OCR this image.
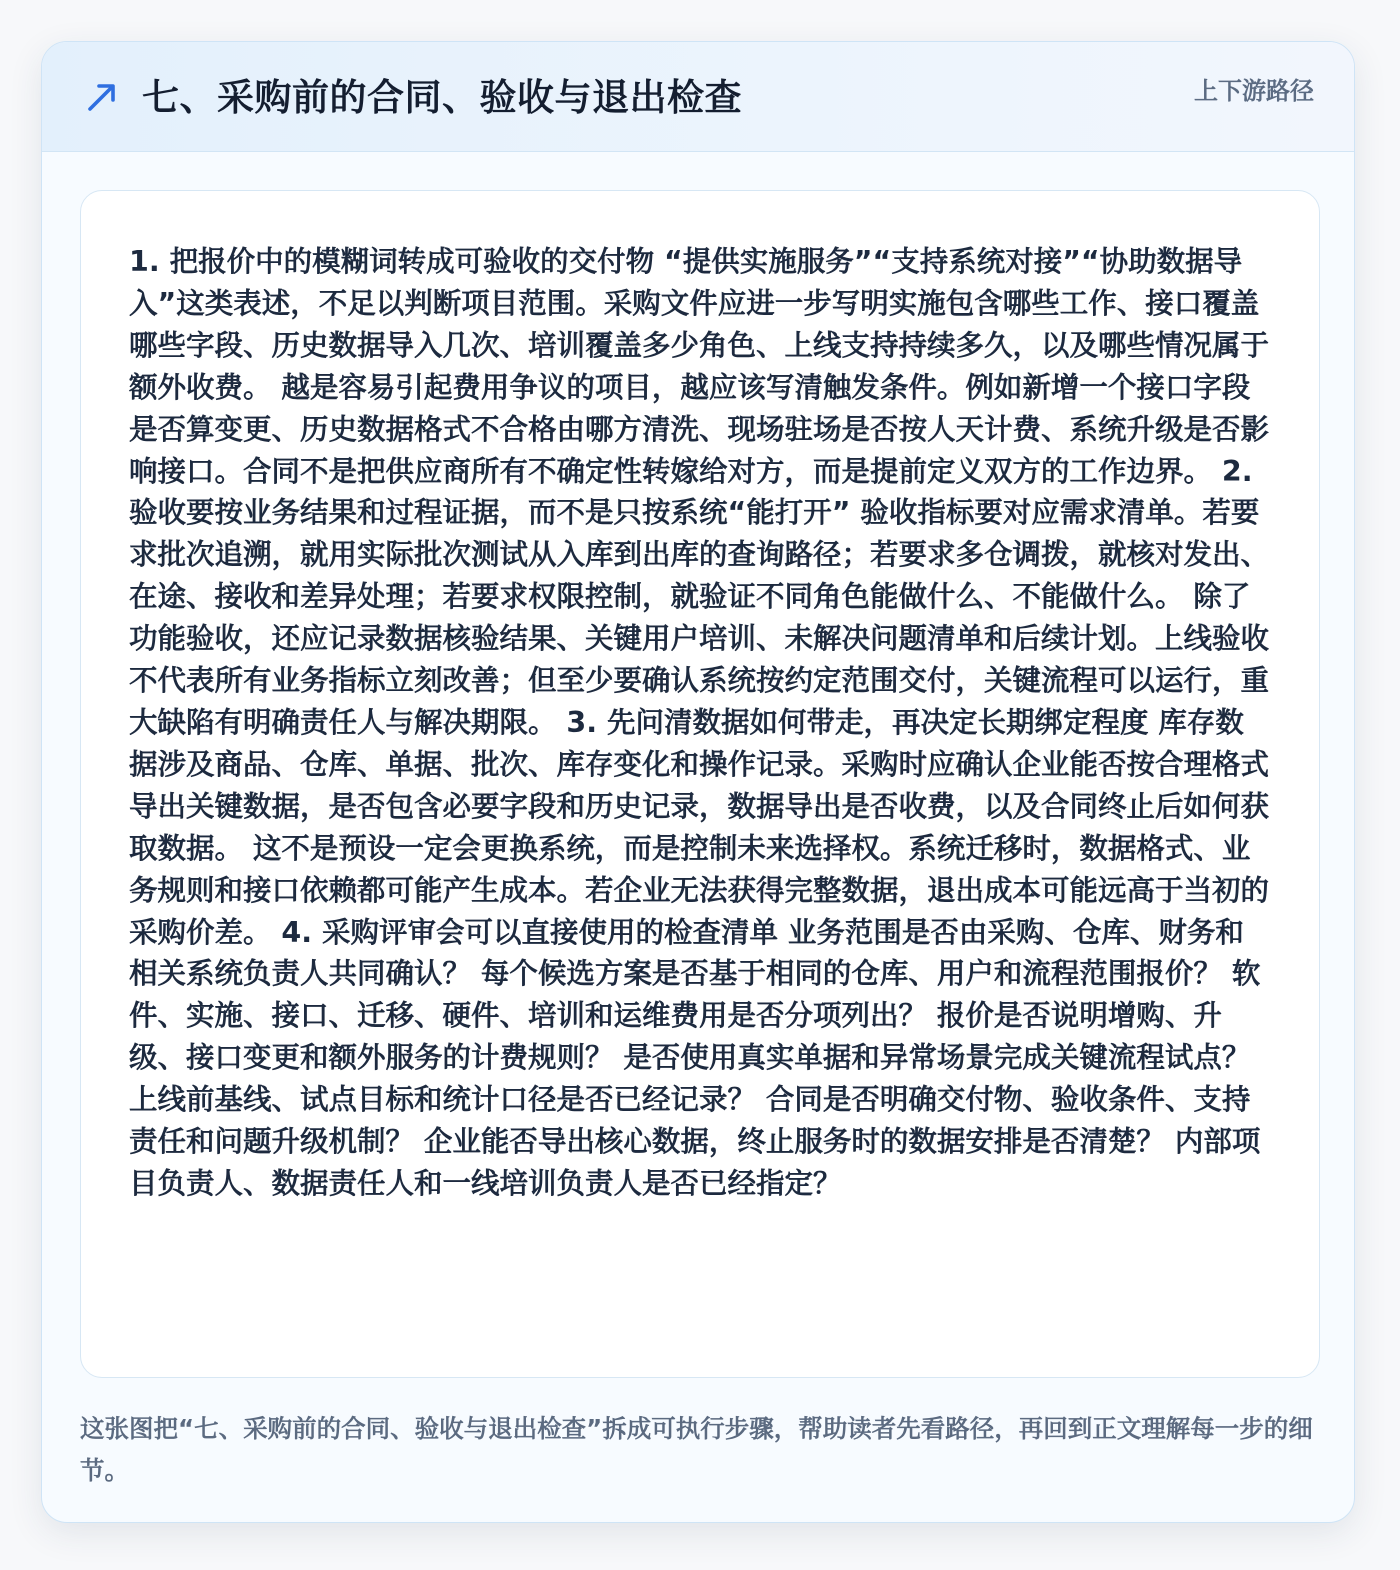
七、采购前的合同、验收与退出检查	上下游路径

1. 把报价中的模糊词转成可验收的交付物 “提供实施服务”“支持系统对接”“协助数据导入”这类表述，不足以判断项目范围。采购文件应进一步写明实施包含哪些工作、接口覆盖哪些字段、历史数据导入几次、培训覆盖多少角色、上线支持持续多久，以及哪些情况属于额外收费。 越是容易引起费用争议的项目，越应该写清触发条件。例如新增一个接口字段是否算变更、历史数据格式不合格由哪方清洗、现场驻场是否按人天计费、系统升级是否影响接口。合同不是把供应商所有不确定性转嫁给对方，而是提前定义双方的工作边界。 2. 验收要按业务结果和过程证据，而不是只按系统“能打开” 验收指标要对应需求清单。若要求批次追溯，就用实际批次测试从入库到出库的查询路径；若要求多仓调拨，就核对发出、在途、接收和差异处理；若要求权限控制，就验证不同角色能做什么、不能做什么。 除了功能验收，还应记录数据核验结果、关键用户培训、未解决问题清单和后续计划。上线验收不代表所有业务指标立刻改善；但至少要确认系统按约定范围交付，关键流程可以运行，重大缺陷有明确责任人与解决期限。 3. 先问清数据如何带走，再决定长期绑定程度 库存数据涉及商品、仓库、单据、批次、库存变化和操作记录。采购时应确认企业能否按合理格式导出关键数据，是否包含必要字段和历史记录，数据导出是否收费，以及合同终止后如何获取数据。 这不是预设一定会更换系统，而是控制未来选择权。系统迁移时，数据格式、业务规则和接口依赖都可能产生成本。若企业无法获得完整数据，退出成本可能远高于当初的采购价差。 4. 采购评审会可以直接使用的检查清单 业务范围是否由采购、仓库、财务和相关系统负责人共同确认？ 每个候选方案是否基于相同的仓库、用户和流程范围报价？ 软件、实施、接口、迁移、硬件、培训和运维费用是否分项列出？ 报价是否说明增购、升级、接口变更和额外服务的计费规则？ 是否使用真实单据和异常场景完成关键流程试点？ 上线前基线、试点目标和统计口径是否已经记录？ 合同是否明确交付物、验收条件、支持责任和问题升级机制？ 企业能否导出核心数据，终止服务时的数据安排是否清楚？ 内部项目负责人、数据责任人和一线培训负责人是否已经指定？

这张图把“七、采购前的合同、验收与退出检查”拆成可执行步骤，帮助读者先看路径，再回到正文理解每一步的细节。
